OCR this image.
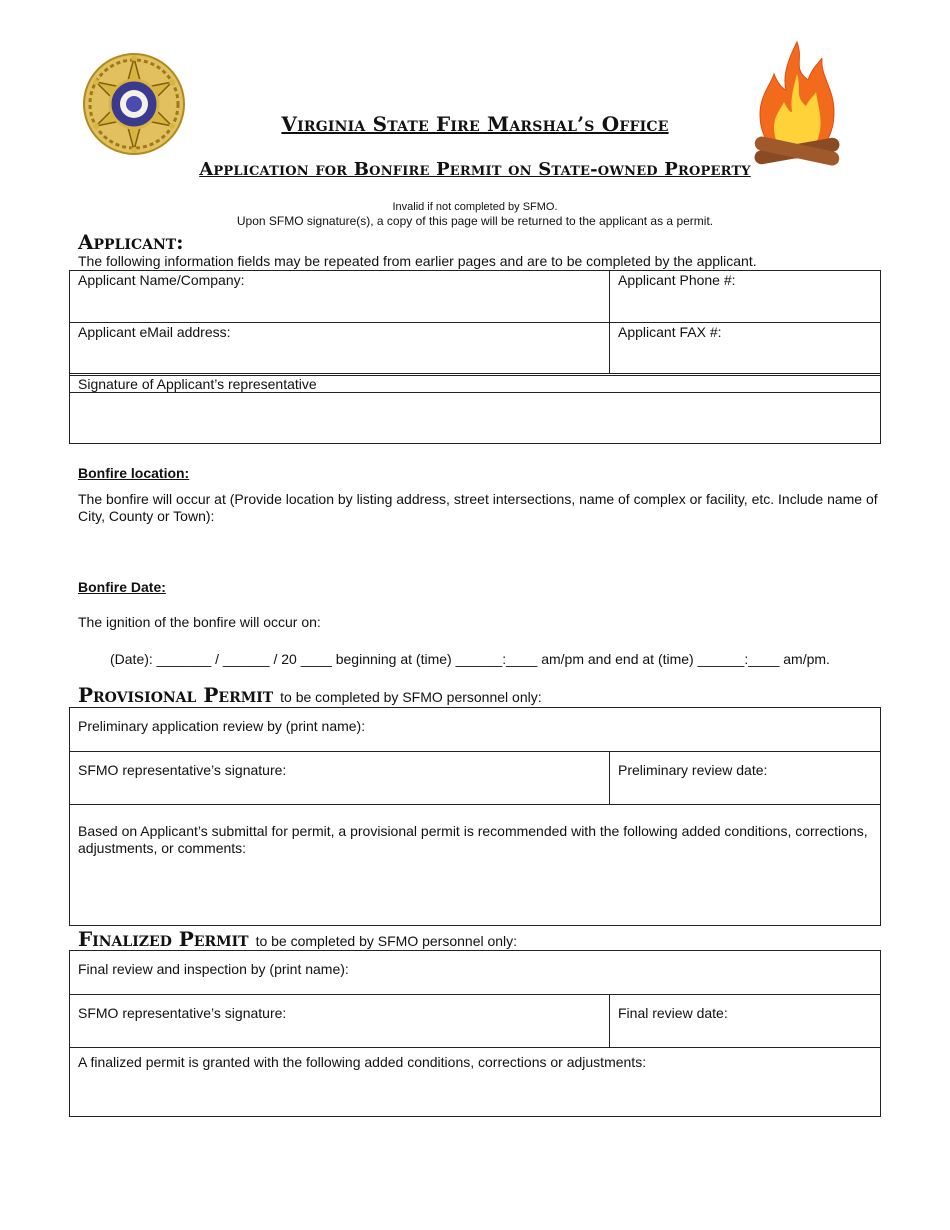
Virginia State Fire Marshal’s Office
Application for Bonfire Permit on State-owned Property
Invalid if not completed by SFMO.
Upon SFMO signature(s), a copy of this page will be returned to the applicant as a permit.
Applicant:
The following information fields may be repeated from earlier pages and are to be completed by the applicant.
Applicant Name/Company:	Applicant Phone #:
Applicant eMail address:	Applicant FAX #:
Signature of Applicant’s representative
Bonfire location:
The bonfire will occur at (Provide location by listing address, street intersections, name of complex or facility, etc. Include name of City, County or Town):
Bonfire Date:
The ignition of the bonfire will occur on:
(Date): _______ / ______ / 20 ____ beginning at (time) ______:____ am/pm and end at (time) ______:____ am/pm.
Provisional Permit to be completed by SFMO personnel only:
Preliminary application review by (print name):
SFMO representative’s signature:	Preliminary review date:
Based on Applicant’s submittal for permit, a provisional permit is recommended with the following added conditions, corrections, adjustments, or comments:
Finalized Permit to be completed by SFMO personnel only:
Final review and inspection by (print name):
SFMO representative’s signature:	Final review date:
A finalized permit is granted with the following added conditions, corrections or adjustments:
